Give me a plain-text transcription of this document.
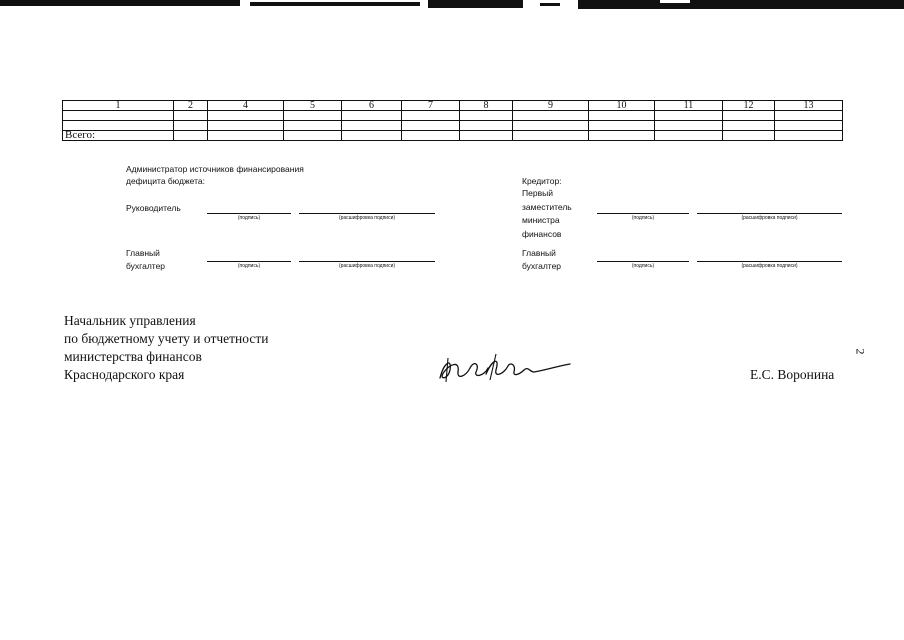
1	2	4	5	6	7	8	9	10	11	12	13

Всего:											
Администратор источников финансирования
дефицита бюджета:
Руководитель
(подпись)	(расшифровка подписи)
Главный
бухгалтер	(подпись)	(расшифровка подписи)
Кредитор:
Первый
заместитель
министра
финансов
(подпись)	(расшифровка подписи)
Главный
бухгалтер	(подпись)	(расшифровка подписи)
Начальник управления
по бюджетному учету и отчетности
министерства финансов
Краснодарского края	Е.С. Воронина
2
